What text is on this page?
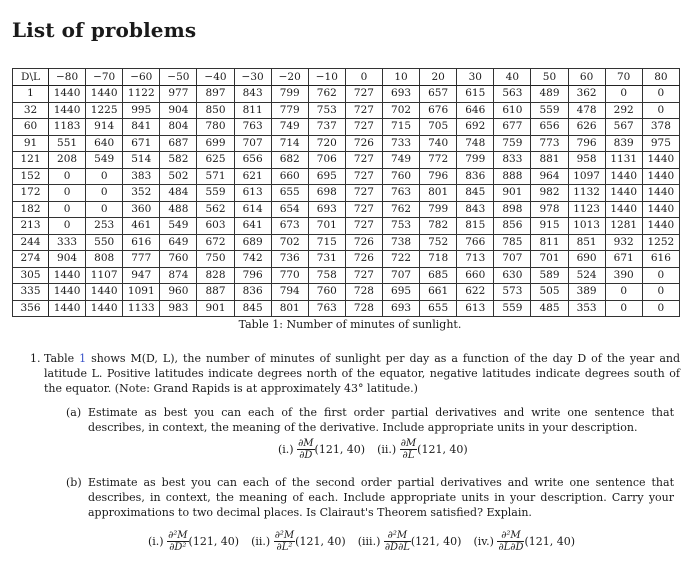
List of problems
D\L	−80	−70	−60	−50	−40	−30	−20	−10	0	10	20	30	40	50	60	70	80
1	1440	1440	1122	977	897	843	799	762	727	693	657	615	563	489	362	0	0
32	1440	1225	995	904	850	811	779	753	727	702	676	646	610	559	478	292	0
60	1183	914	841	804	780	763	749	737	727	715	705	692	677	656	626	567	378
91	551	640	671	687	699	707	714	720	726	733	740	748	759	773	796	839	975
121	208	549	514	582	625	656	682	706	727	749	772	799	833	881	958	1131	1440
152	0	0	383	502	571	621	660	695	727	760	796	836	888	964	1097	1440	1440
172	0	0	352	484	559	613	655	698	727	763	801	845	901	982	1132	1440	1440
182	0	0	360	488	562	614	654	693	727	762	799	843	898	978	1123	1440	1440
213	0	253	461	549	603	641	673	701	727	753	782	815	856	915	1013	1281	1440
244	333	550	616	649	672	689	702	715	726	738	752	766	785	811	851	932	1252
274	904	808	777	760	750	742	736	731	726	722	718	713	707	701	690	671	616
305	1440	1107	947	874	828	796	770	758	727	707	685	660	630	589	524	390	0
335	1440	1440	1091	960	887	836	794	760	728	695	661	622	573	505	389	0	0
356	1440	1440	1133	983	901	845	801	763	728	693	655	613	559	485	353	0	0
Table 1: Number of minutes of sunlight.
1. Table 1 shows M(D, L), the number of minutes of sunlight per day as a function of the day D of the year and latitude L. Positive latitudes indicate degrees north of the equator, negative latitudes indicate degrees south of the equator. (Note: Grand Rapids is at approximately 43° latitude.)
(a) Estimate as best you can each of the first order partial derivatives and write one sentence that describes, in context, the meaning of the derivative. Include appropriate units in your description.
$(i.) \frac{\partial M}{\partial D} (121$, 40) $(ii.) \frac{\partial M}{\partial L} (121$, 40)
(b) Estimate as best you can each of the second order partial derivatives and write one sentence that describes, in context, the meaning of each. Include appropriate units in your description. Carry your approximations to two decimal places. Is Clairaut's Theorem satisfied? Explain.
$(i.) \frac{\text{∂²M}}{\text{∂D²}} (121$, 40) $(ii.) \frac{\text{∂²M}}{\text{∂L²}} (121$, 40) $(iii.) \frac{\text{∂²M}}{\partial D\partial L} (121$, 40) $(iv.) \frac{\text{∂²M}}{\partial L\partial D} (121$, 40)
